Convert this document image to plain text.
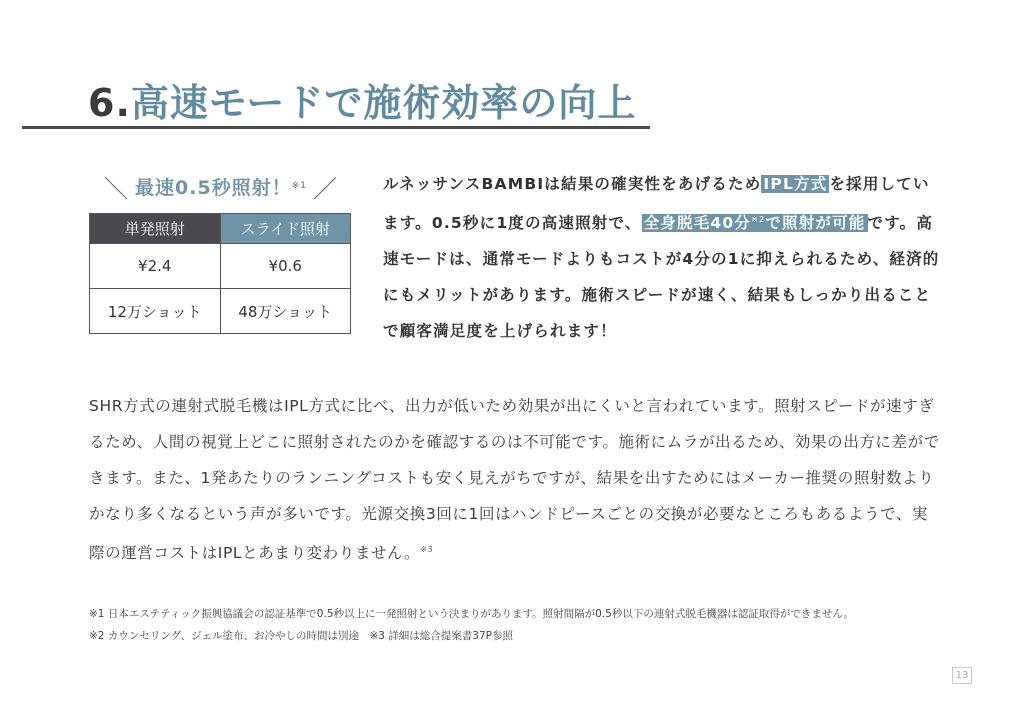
6.高速モードで施術効率の向上
＼ 最速0.5秒照射！ ※1 ／
単発照射	スライド照射
¥2.4	¥0.6
12万ショット	48万ショット

ルネッサンスBAMBIは結果の確実性をあげるため IPL方式 を採用しています。0.5秒に1度の高速照射で、 全身脱毛40分$^{※2}$で照射が可能 です。高速モードは、通常モードよりもコストが4分の1に抑えられるため、経済的にもメリットがあります。施術スピードが速く、結果もしっかり出ることで顧客満足度を上げられます！

SHR方式の連射式脱毛機はIPL方式に比べ、出力が低いため効果が出にくいと言われています。照射スピードが速すぎるため、人間の視覚上どこに照射されたのかを確認するのは不可能です。施術にムラが出るため、効果の出方に差ができます。また、1発あたりのランニングコストも安く見えがちですが、結果を出すためにはメーカー推奨の照射数よりかなり多くなるという声が多いです。光源交換3回に1回はハンドピースごとの交換が必要なところもあるようで、実際の運営コストはIPLとあまり変わりません。$^{※3}$

※1 日本エステティック振興協議会の認証基準で0.5秒以上に一発照射という決まりがあります。照射間隔が0.5秒以下の連射式脱毛機器は認証取得ができません。
※2 カウンセリング、ジェル塗布、お冷やしの時間は別途　※3 詳細は総合提案書37P参照
13
